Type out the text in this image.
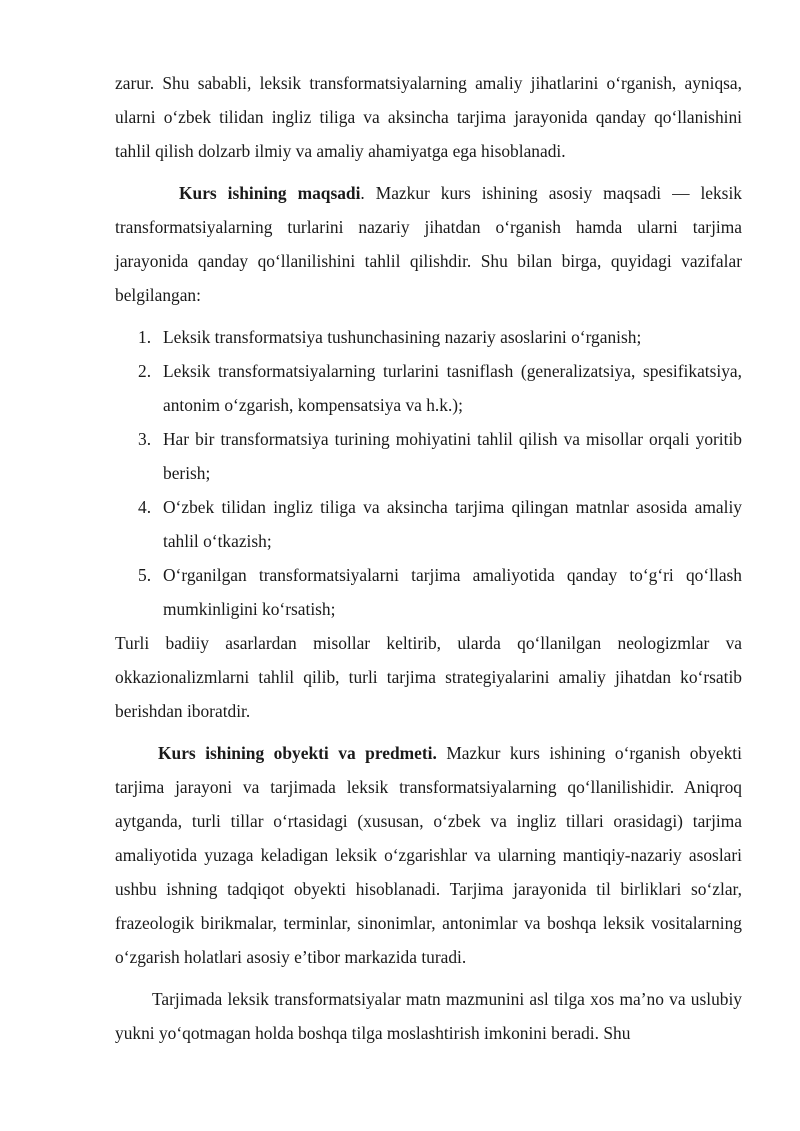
zarur. Shu sababli, leksik transformatsiyalarning amaliy jihatlarini oʻrganish, ayniqsa, ularni oʻzbek tilidan ingliz tiliga va aksincha tarjima jarayonida qanday qoʻllanishini tahlil qilish dolzarb ilmiy va amaliy ahamiyatga ega hisoblanadi.

Kurs ishining maqsadi. Mazkur kurs ishining asosiy maqsadi — leksik transformatsiyalarning turlarini nazariy jihatdan oʻrganish hamda ularni tarjima jarayonida qanday qoʻllanilishini tahlil qilishdir. Shu bilan birga, quyidagi vazifalar belgilangan:

1. Leksik transformatsiya tushunchasining nazariy asoslarini oʻrganish;
2. Leksik transformatsiyalarning turlarini tasniflash (generalizatsiya, spesifikatsiya, antonim oʻzgarish, kompensatsiya va h.k.);
3. Har bir transformatsiya turining mohiyatini tahlil qilish va misollar orqali yoritib berish;
4. Oʻzbek tilidan ingliz tiliga va aksincha tarjima qilingan matnlar asosida amaliy tahlil oʻtkazish;
5. Oʻrganilgan transformatsiyalarni tarjima amaliyotida qanday toʻgʻri qoʻllash mumkinligini koʻrsatish;

Turli badiiy asarlardan misollar keltirib, ularda qoʻllanilgan neologizmlar va okkazionalizmlarni tahlil qilib, turli tarjima strategiyalarini amaliy jihatdan koʻrsatib berishdan iboratdir.

Kurs ishining obyekti va predmeti. Mazkur kurs ishining oʻrganish obyekti tarjima jarayoni va tarjimada leksik transformatsiyalarning qoʻllanilishidir. Aniqroq aytganda, turli tillar oʻrtasidagi (xususan, oʻzbek va ingliz tillari orasidagi) tarjima amaliyotida yuzaga keladigan leksik oʻzgarishlar va ularning mantiqiy-nazariy asoslari ushbu ishning tadqiqot obyekti hisoblanadi. Tarjima jarayonida til birliklari soʻzlar, frazeologik birikmalar, terminlar, sinonimlar, antonimlar va boshqa leksik vositalarning oʻzgarish holatlari asosiy e’tibor markazida turadi.

Tarjimada leksik transformatsiyalar matn mazmunini asl tilga xos ma’no va uslubiy yukni yoʻqotmagan holda boshqa tilga moslashtirish imkonini beradi. Shu
